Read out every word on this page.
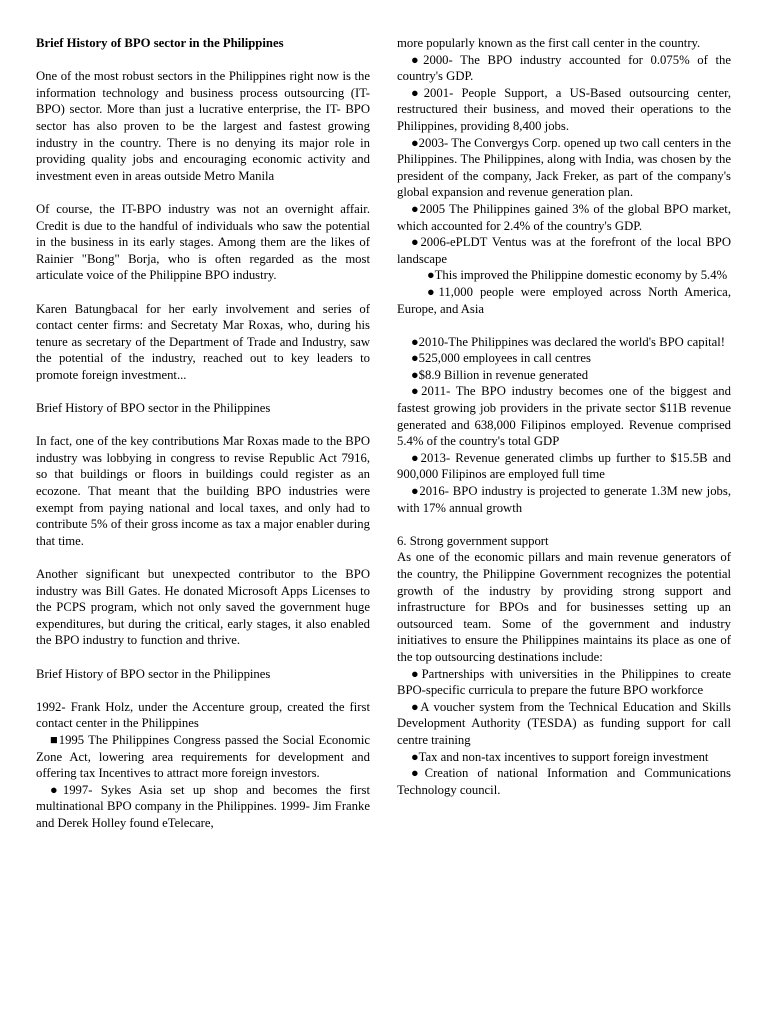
Brief History of BPO sector in the Philippines

One of the most robust sectors in the Philippines right now is the information technology and business process outsourcing (IT-BPO) sector. More than just a lucrative enterprise, the IT- BPO sector has also proven to be the largest and fastest growing industry in the country. There is no denying its major role in providing quality jobs and encouraging economic activity and investment even in areas outside Metro Manila

Of course, the IT-BPO industry was not an overnight affair. Credit is due to the handful of individuals who saw the potential in the business in its early stages. Among them are the likes of Rainier "Bong" Borja, who is often regarded as the most articulate voice of the Philippine BPO industry.

Karen Batungbacal for her early involvement and series of contact center firms: and Secretaty Mar Roxas, who, during his tenure as secretary of the Department of Trade and Industry, saw the potential of the industry, reached out to key leaders to promote foreign investment...

Brief History of BPO sector in the Philippines

In fact, one of the key contributions Mar Roxas made to the BPO industry was lobbying in congress to revise Republic Act 7916, so that buildings or floors in buildings could register as an ecozone. That meant that the building BPO industries were exempt from paying national and local taxes, and only had to contribute 5% of their gross income as tax a major enabler during that time.

Another significant but unexpected contributor to the BPO industry was Bill Gates. He donated Microsoft Apps Licenses to the PCPS program, which not only saved the government huge expenditures, but during the critical, early stages, it also enabled the BPO industry to function and thrive.

Brief History of BPO sector in the Philippines

1992- Frank Holz, under the Accenture group, created the first contact center in the Philippines

■1995 The Philippines Congress passed the Social Economic Zone Act, lowering area requirements for development and offering tax Incentives to attract more foreign investors.

●1997- Sykes Asia set up shop and becomes the first multinational BPO company in the Philippines. 1999- Jim Franke and Derek Holley found eTelecare,

more popularly known as the first call center in the country.

●2000- The BPO industry accounted for 0.075% of the country's GDP.

●2001- People Support, a US-Based outsourcing center, restructured their business, and moved their operations to the Philippines, providing 8,400 jobs.

●2003- The Convergys Corp. opened up two call centers in the Philippines. The Philippines, along with India, was chosen by the president of the company, Jack Freker, as part of the company's global expansion and revenue generation plan.

●2005 The Philippines gained 3% of the global BPO market, which accounted for 2.4% of the country's GDP.

●2006-ePLDT Ventus was at the forefront of the local BPO landscape

●This improved the Philippine domestic economy by 5.4%

●11,000 people were employed across North America, Europe, and Asia

●2010-The Philippines was declared the world's BPO capital!

●525,000 employees in call centres

●$8.9 Billion in revenue generated

●2011- The BPO industry becomes one of the biggest and fastest growing job providers in the private sector $11B revenue generated and 638,000 Filipinos employed. Revenue comprised 5.4% of the country's total GDP

●2013- Revenue generated climbs up further to $15.5B and 900,000 Filipinos are employed full time

●2016- BPO industry is projected to generate 1.3M new jobs, with 17% annual growth

6. Strong government support

As one of the economic pillars and main revenue generators of the country, the Philippine Government recognizes the potential growth of the industry by providing strong support and infrastructure for BPOs and for businesses setting up an outsourced team. Some of the government and industry initiatives to ensure the Philippines maintains its place as one of the top outsourcing destinations include:

●Partnerships with universities in the Philippines to create BPO-specific curricula to prepare the future BPO workforce

●A voucher system from the Technical Education and Skills Development Authority (TESDA) as funding support for call centre training

●Tax and non-tax incentives to support foreign investment

●Creation of national Information and Communications Technology council.
